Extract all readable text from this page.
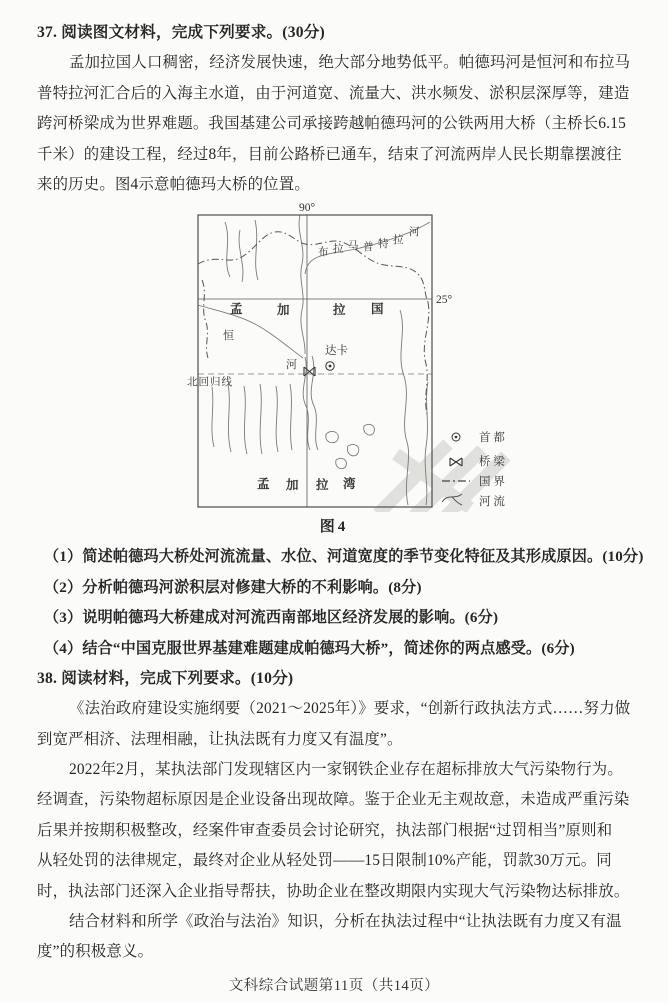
37. 阅读图文材料，完成下列要求。(30分)
孟加拉国人口稠密，经济发展快速，绝大部分地势低平。帕德玛河是恒河和布拉马
普特拉河汇合后的入海主水道，由于河道宽、流量大、洪水频发、淤积层深厚等，建造
跨河桥梁成为世界难题。我国基建公司承接跨越帕德玛河的公铁两用大桥（主桥长6.15
千米）的建设工程，经过8年，目前公路桥已通车，结束了河流两岸人民长期靠摆渡往
来的历史。图4示意帕德玛大桥的位置。
90°
25°
北回归线
布 拉 马 普 特 拉
河
孟	加	拉 国
恒
河
达卡
孟 加 拉 湾
首 都
桥 梁
国 界
河 流
图4
（1）简述帕德玛大桥处河流流量、水位、河道宽度的季节变化特征及其形成原因。(10分)
（2）分析帕德玛河淤积层对修建大桥的不利影响。(8分)
（3）说明帕德玛大桥建成对河流西南部地区经济发展的影响。(6分)
（4）结合“中国克服世界基建难题建成帕德玛大桥”，简述你的两点感受。(6分)
38. 阅读材料，完成下列要求。(10分)
《法治政府建设实施纲要（2021～2025年）》要求，“创新行政执法方式……努力做
到宽严相济、法理相融，让执法既有力度又有温度”。
2022年2月，某执法部门发现辖区内一家钢铁企业存在超标排放大气污染物行为。
经调查，污染物超标原因是企业设备出现故障。鉴于企业无主观故意，未造成严重污染
后果并按期积极整改，经案件审查委员会讨论研究，执法部门根据“过罚相当”原则和
从轻处罚的法律规定，最终对企业从轻处罚——15日限制10%产能，罚款30万元。同
时，执法部门还深入企业指导帮扶，协助企业在整改期限内实现大气污染物达标排放。
结合材料和所学《政治与法治》知识，分析在执法过程中“让执法既有力度又有温
度”的积极意义。
文科综合试题第11页（共14页）
